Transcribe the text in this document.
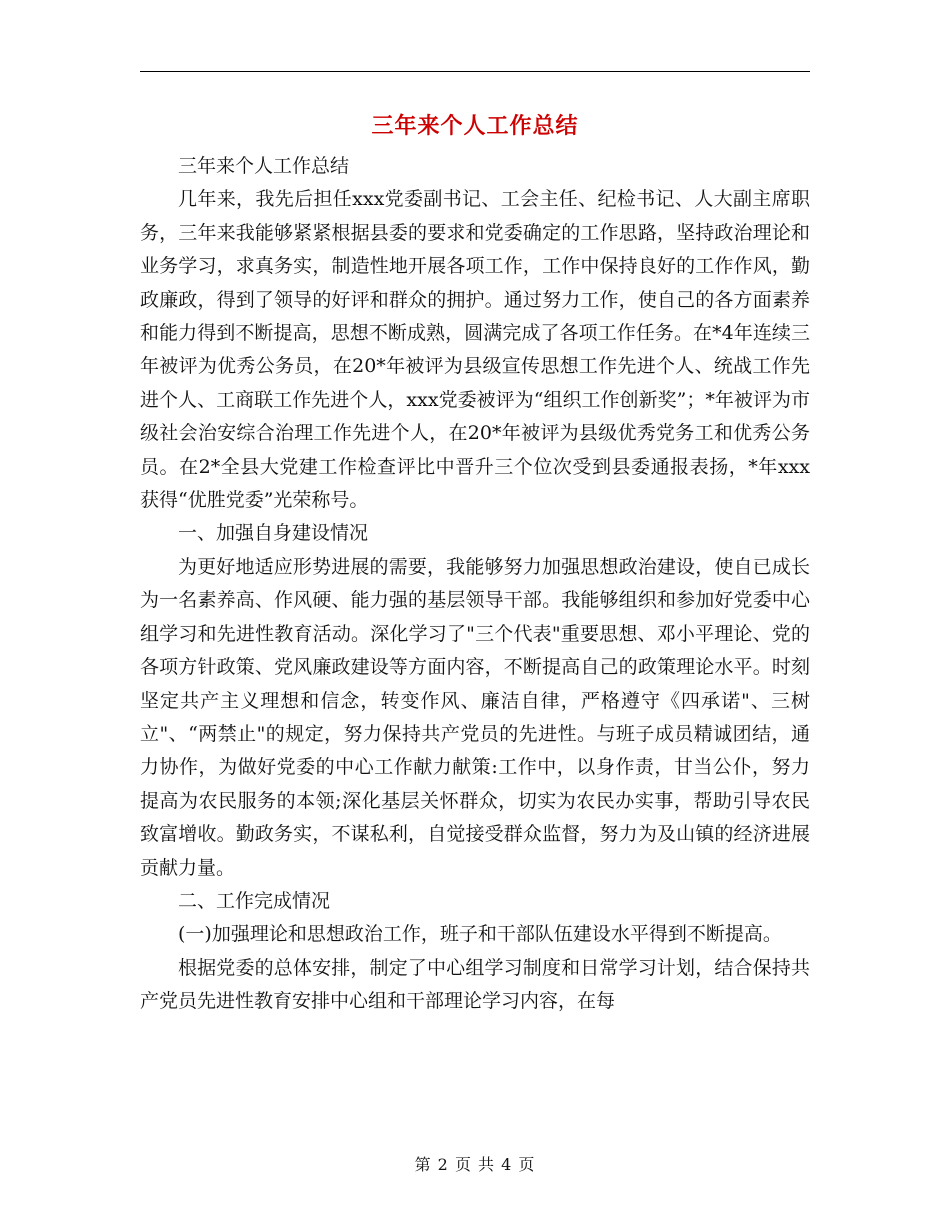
三年来个人工作总结

三年来个人工作总结

几年来，我先后担任xxx党委副书记、工会主任、纪检书记、人大副主席职务，三年来我能够紧紧根据县委的要求和党委确定的工作思路，坚持政治理论和业务学习，求真务实，制造性地开展各项工作，工作中保持良好的工作作风，勤政廉政，得到了领导的好评和群众的拥护。通过努力工作，使自己的各方面素养和能力得到不断提高，思想不断成熟，圆满完成了各项工作任务。在*4年连续三年被评为优秀公务员，在20*年被评为县级宣传思想工作先进个人、统战工作先进个人、工商联工作先进个人，xxx党委被评为“组织工作创新奖”；*年被评为市级社会治安综合治理工作先进个人，在20*年被评为县级优秀党务工和优秀公务员。在2*全县大党建工作检查评比中晋升三个位次受到县委通报表扬，*年xxx获得“优胜党委”光荣称号。

一、加强自身建设情况

为更好地适应形势进展的需要，我能够努力加强思想政治建设，使自已成长为一名素养高、作风硬、能力强的基层领导干部。我能够组织和参加好党委中心组学习和先进性教育活动。深化学习了"三个代表"重要思想、邓小平理论、党的各项方针政策、党风廉政建设等方面内容，不断提高自己的政策理论水平。时刻坚定共产主义理想和信念，转变作风、廉洁自律，严格遵守《四承诺"、三树立"、“两禁止"的规定，努力保持共产党员的先进性。与班子成员精诚团结，通力协作，为做好党委的中心工作献力献策:工作中，以身作责，甘当公仆，努力提高为农民服务的本领;深化基层关怀群众，切实为农民办实事，帮助引导农民致富增收。勤政务实，不谋私利，自觉接受群众监督，努力为及山镇的经济进展贡献力量。

二、工作完成情况

(一)加强理论和思想政治工作，班子和干部队伍建设水平得到不断提高。

根据党委的总体安排，制定了中心组学习制度和日常学习计划，结合保持共产党员先进性教育安排中心组和干部理论学习内容，在每

第 2 页 共 4 页
